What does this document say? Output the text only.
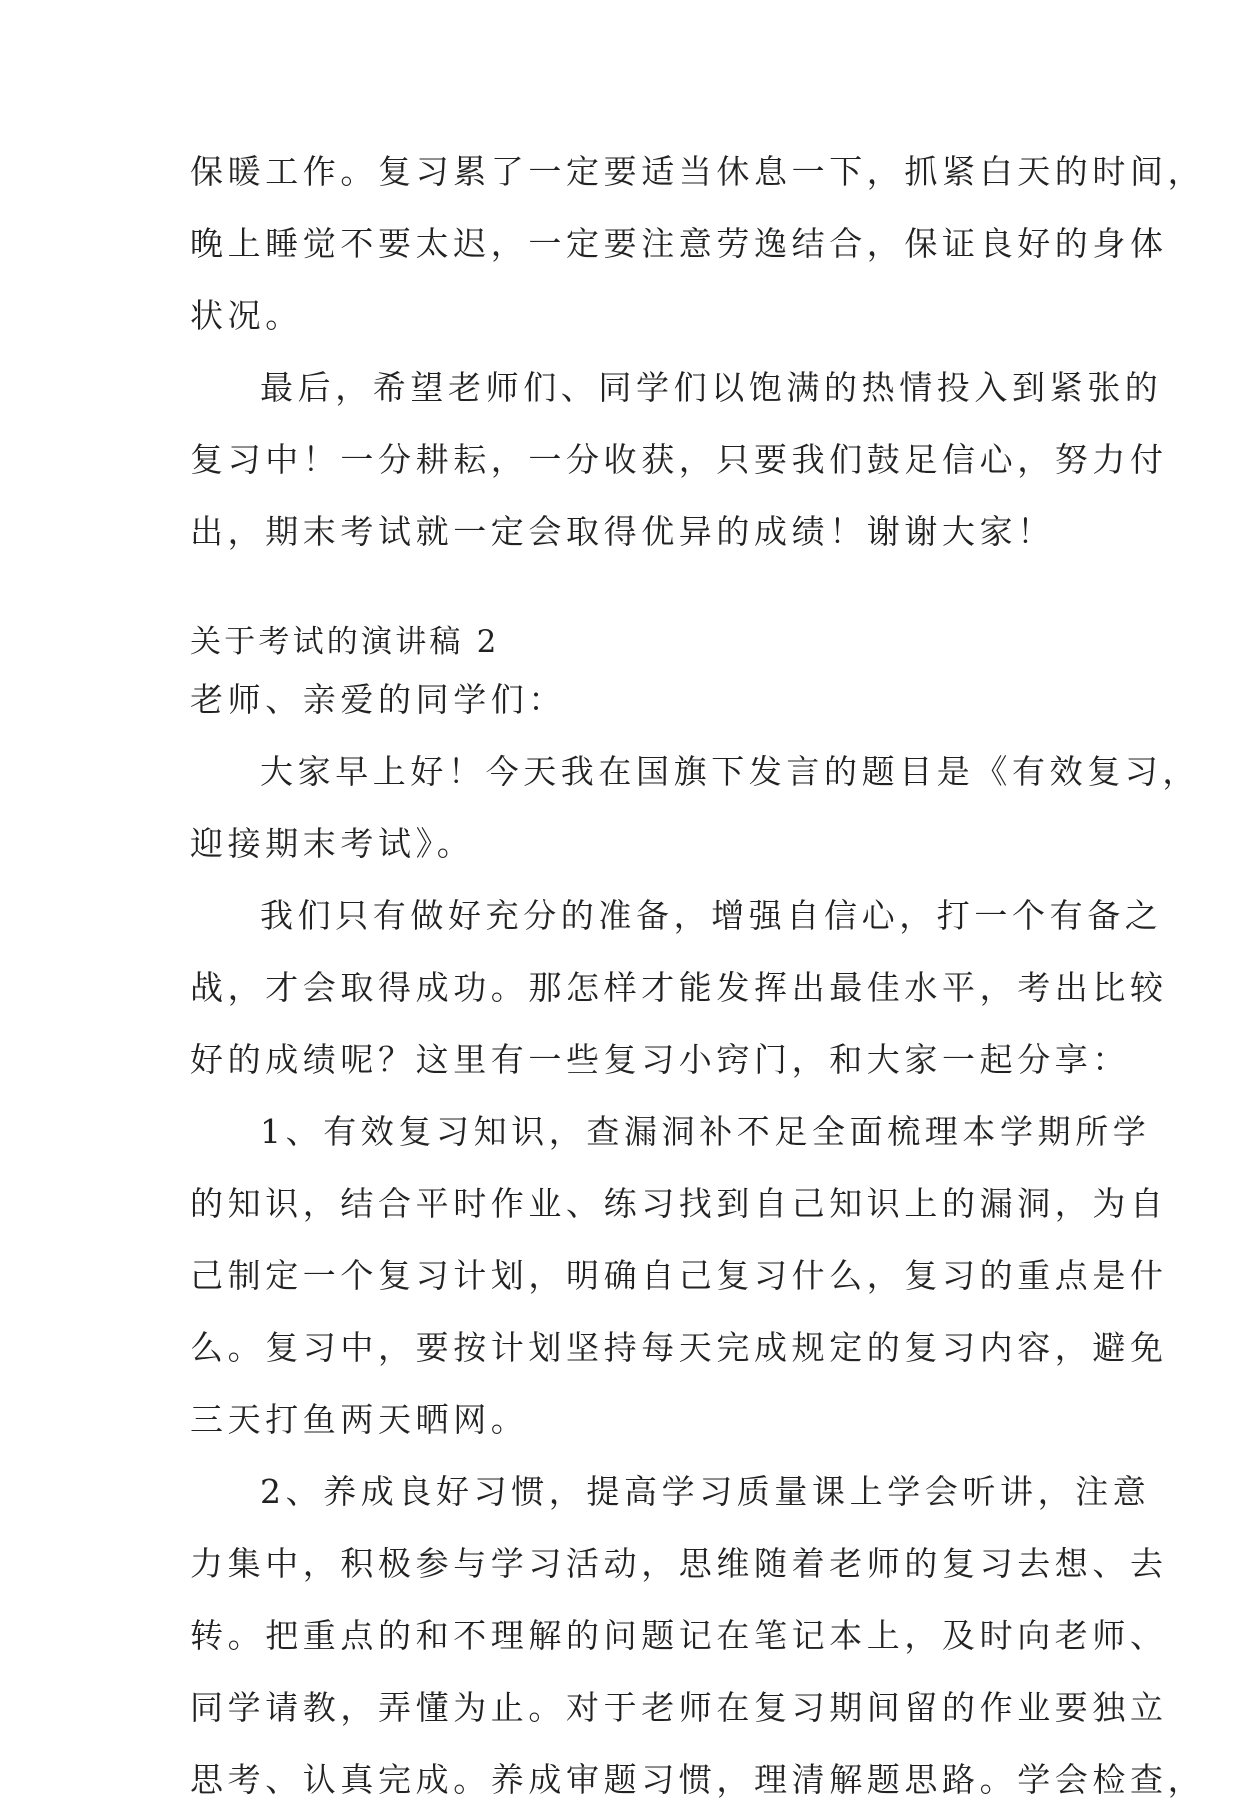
保暖工作。复习累了一定要适当休息一下，抓紧白天的时间，
晚上睡觉不要太迟，一定要注意劳逸结合，保证良好的身体
状况。
最后，希望老师们、同学们以饱满的热情投入到紧张的
复习中！一分耕耘，一分收获，只要我们鼓足信心，努力付
出，期末考试就一定会取得优异的成绩！谢谢大家！
关于考试的演讲稿 2
老师、亲爱的同学们：
大家早上好！今天我在国旗下发言的题目是《有效复习，
迎接期末考试》。
我们只有做好充分的准备，增强自信心，打一个有备之
战，才会取得成功。那怎样才能发挥出最佳水平，考出比较
好的成绩呢？这里有一些复习小窍门，和大家一起分享：
1、有效复习知识，查漏洞补不足全面梳理本学期所学
的知识，结合平时作业、练习找到自己知识上的漏洞，为自
己制定一个复习计划，明确自己复习什么，复习的重点是什
么。复习中，要按计划坚持每天完成规定的复习内容，避免
三天打鱼两天晒网。
2、养成良好习惯，提高学习质量课上学会听讲，注意
力集中，积极参与学习活动，思维随着老师的复习去想、去
转。把重点的和不理解的问题记在笔记本上，及时向老师、
同学请教，弄懂为止。对于老师在复习期间留的作业要独立
思考、认真完成。养成审题习惯，理清解题思路。学会检查，
